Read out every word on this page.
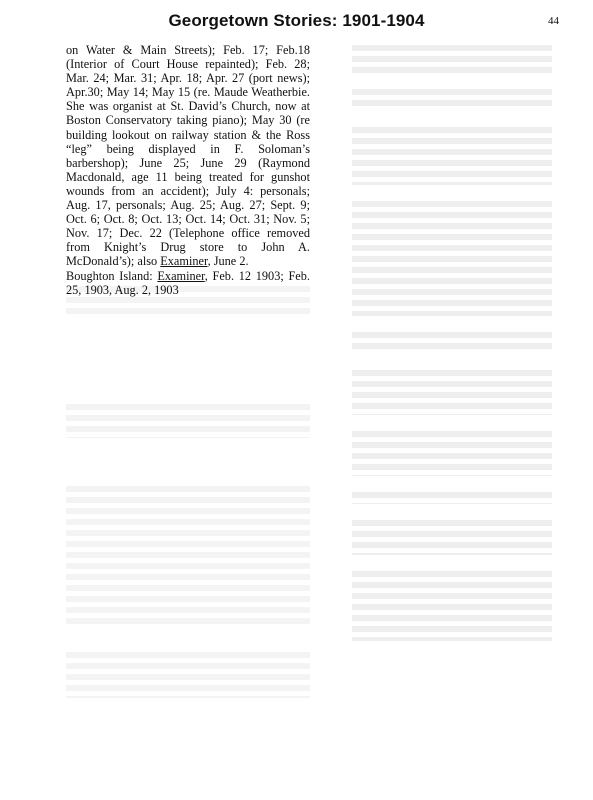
Georgetown Stories: 1901-1904	44

on Water & Main Streets); Feb. 17; Feb.18 (Interior of Court House repainted); Feb. 28; Mar. 24; Mar. 31; Apr. 18; Apr. 27 (port news); Apr.30; May 14; May 15 (re. Maude Weatherbie. She was organist at St. David’s Church, now at Boston Conservatory taking piano); May 30 (re building lookout on railway station & the Ross “leg” being displayed in F. Soloman’s barbershop); June 25; June 29 (Raymond Macdonald, age 11 being treated for gunshot wounds from an accident); July 4: personals; Aug. 17, personals; Aug. 25; Aug. 27; Sept. 9; Oct. 6; Oct. 8; Oct. 13; Oct. 14; Oct. 31; Nov. 5; Nov. 17; Dec. 22 (Telephone office removed from Knight’s Drug store to John A. McDonald’s); also Examiner, June 2.

Boughton Island: Examiner, Feb. 12 1903; Feb. 25, 1903, Aug. 2, 1903
